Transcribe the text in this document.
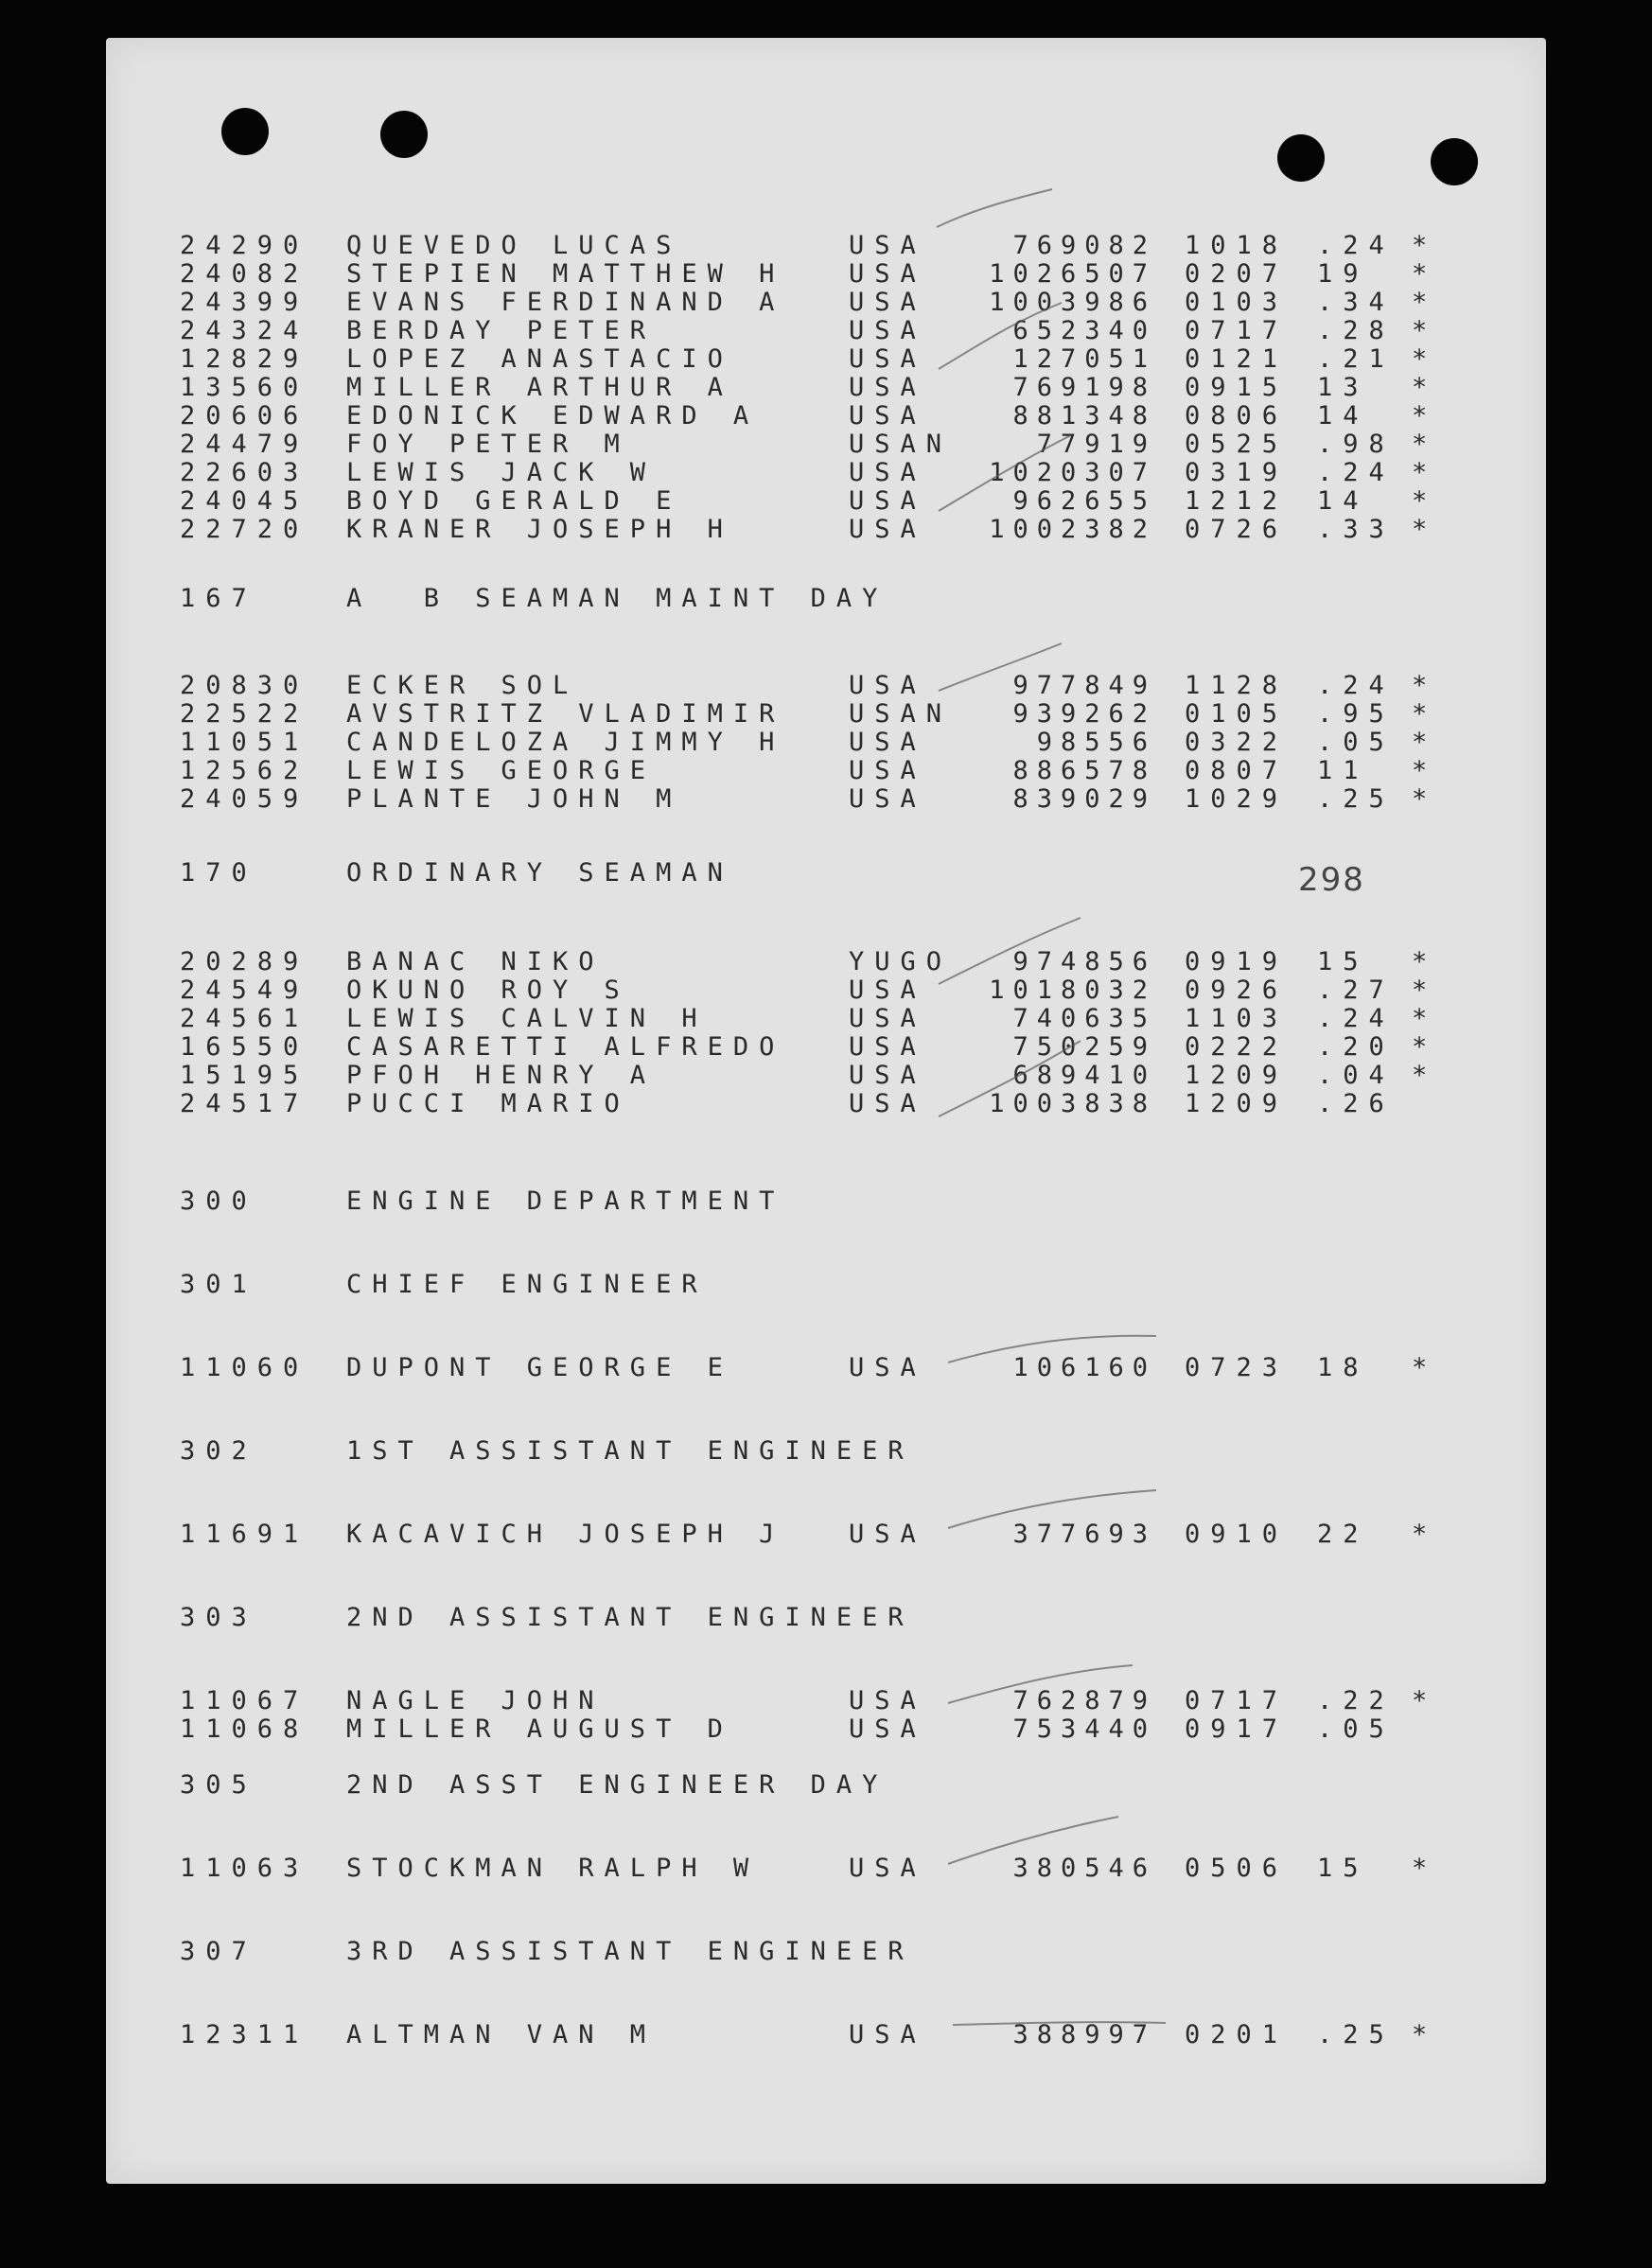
24290 QUEVEDO LUCAS	USA	769082 1018 .24 *
24082 STEPIEN MATTHEW H	USA	1026507 0207 19 *
24399 EVANS FERDINAND A	USA	1003986 0103 .34 *
24324 BERDAY PETER	USA	652340 0717 .28 *
12829 LOPEZ ANASTACIO	USA	127051 0121 .21 *
13560 MILLER ARTHUR A	USA	769198 0915 13 *
20606 EDONICK EDWARD A	USA	881348 0806 14 *
24479 FOY PETER M	USAN	77919 0525 .98 *
22603 LEWIS JACK W	USA	1020307 0319 .24 *
24045 BOYD GERALD E	USA	962655 1212 14 *
22720 KRANER JOSEPH H	USA	1002382 0726 .33 *
167	A  B SEAMAN MAINT DAY
20830 ECKER SOL	USA	977849 1128 .24 *
22522 AVSTRITZ VLADIMIR	USAN	939262 0105 .95 *
11051 CANDELOZA JIMMY H	USA	98556 0322 .05 *
12562 LEWIS GEORGE	USA	886578 0807 11 *
24059 PLANTE JOHN M	USA	839029 1029 .25 *
170	ORDINARY SEAMAN
20289 BANAC NIKO	YUGO	974856 0919 15 *
24549 OKUNO ROY S	USA	1018032 0926 .27 *
24561 LEWIS CALVIN H	USA	740635 1103 .24 *
16550 CASARETTI ALFREDO	USA	750259 0222 .20 *
15195 PFOH HENRY A	USA	689410 1209 .04 *
24517 PUCCI MARIO	USA	1003838 1209 .26
300	ENGINE DEPARTMENT
301	CHIEF ENGINEER
11060 DUPONT GEORGE E	USA	106160 0723 18 *
302	1ST ASSISTANT ENGINEER
11691 KACAVICH JOSEPH J	USA	377693 0910 22 *
303	2ND ASSISTANT ENGINEER
11067 NAGLE JOHN	USA	762879 0717 .22 *
11068 MILLER AUGUST D	USA	753440 0917 .05
305	2ND ASST ENGINEER DAY
11063 STOCKMAN RALPH W	USA	380546 0506 15 *
307	3RD ASSISTANT ENGINEER
12311 ALTMAN VAN M	USA	388997 0201 .25 *
298
